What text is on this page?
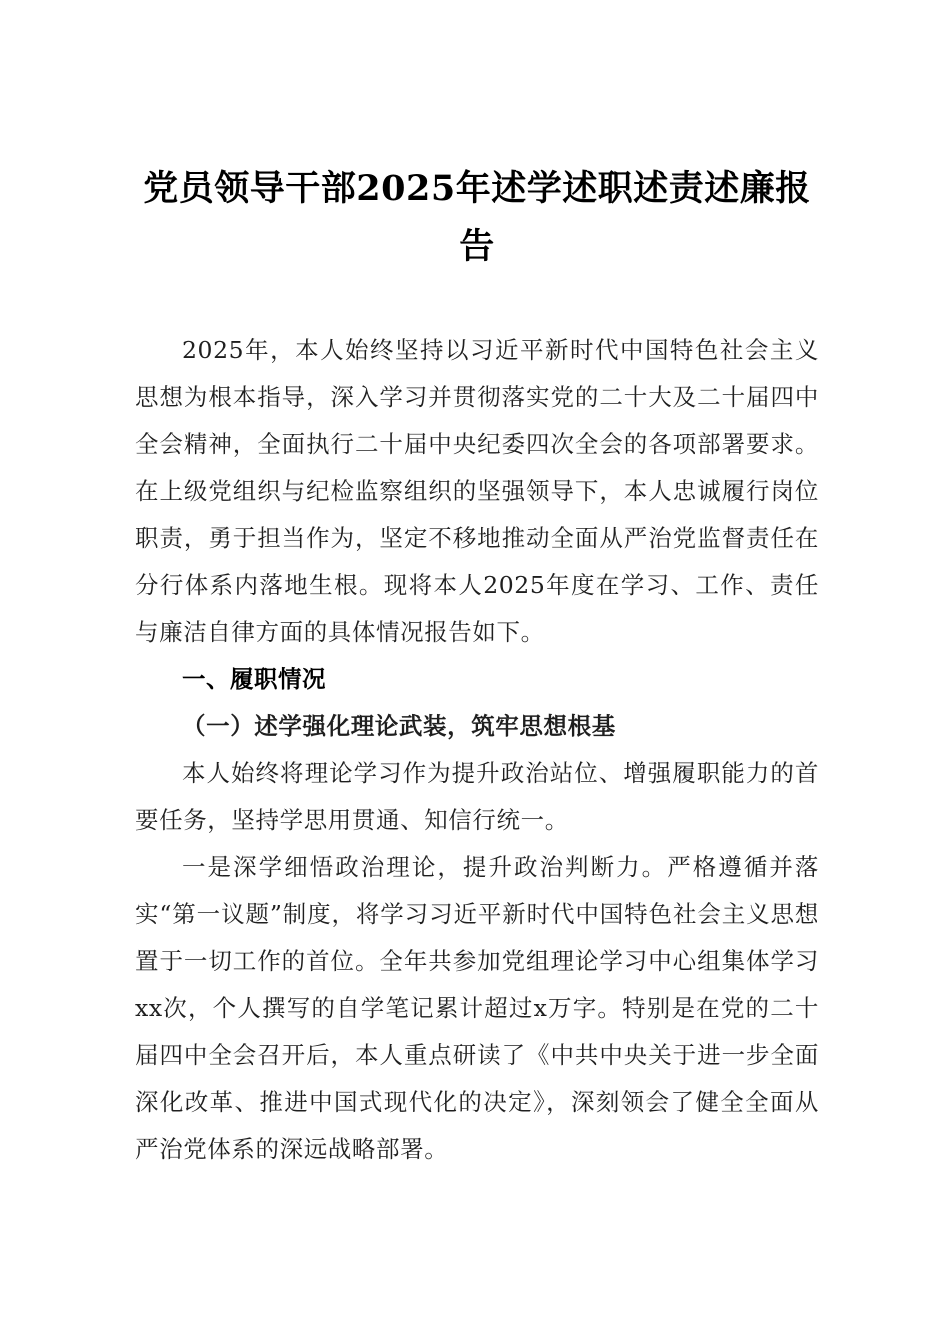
党员领导干部2025年述学述职述责述廉报告

2025年，本人始终坚持以习近平新时代中国特色社会主义思想为根本指导，深入学习并贯彻落实党的二十大及二十届四中全会精神，全面执行二十届中央纪委四次全会的各项部署要求。在上级党组织与纪检监察组织的坚强领导下，本人忠诚履行岗位职责，勇于担当作为，坚定不移地推动全面从严治党监督责任在分行体系内落地生根。现将本人2025年度在学习、工作、责任与廉洁自律方面的具体情况报告如下。

一、履职情况
（一）述学强化理论武装，筑牢思想根基

本人始终将理论学习作为提升政治站位、增强履职能力的首要任务，坚持学思用贯通、知信行统一。

一是深学细悟政治理论，提升政治判断力。严格遵循并落实“第一议题”制度，将学习习近平新时代中国特色社会主义思想置于一切工作的首位。全年共参加党组理论学习中心组集体学习xx次，个人撰写的自学笔记累计超过x万字。特别是在党的二十届四中全会召开后，本人重点研读了《中共中央关于进一步全面深化改革、推进中国式现代化的决定》，深刻领会了健全全面从严治党体系的深远战略部署。
